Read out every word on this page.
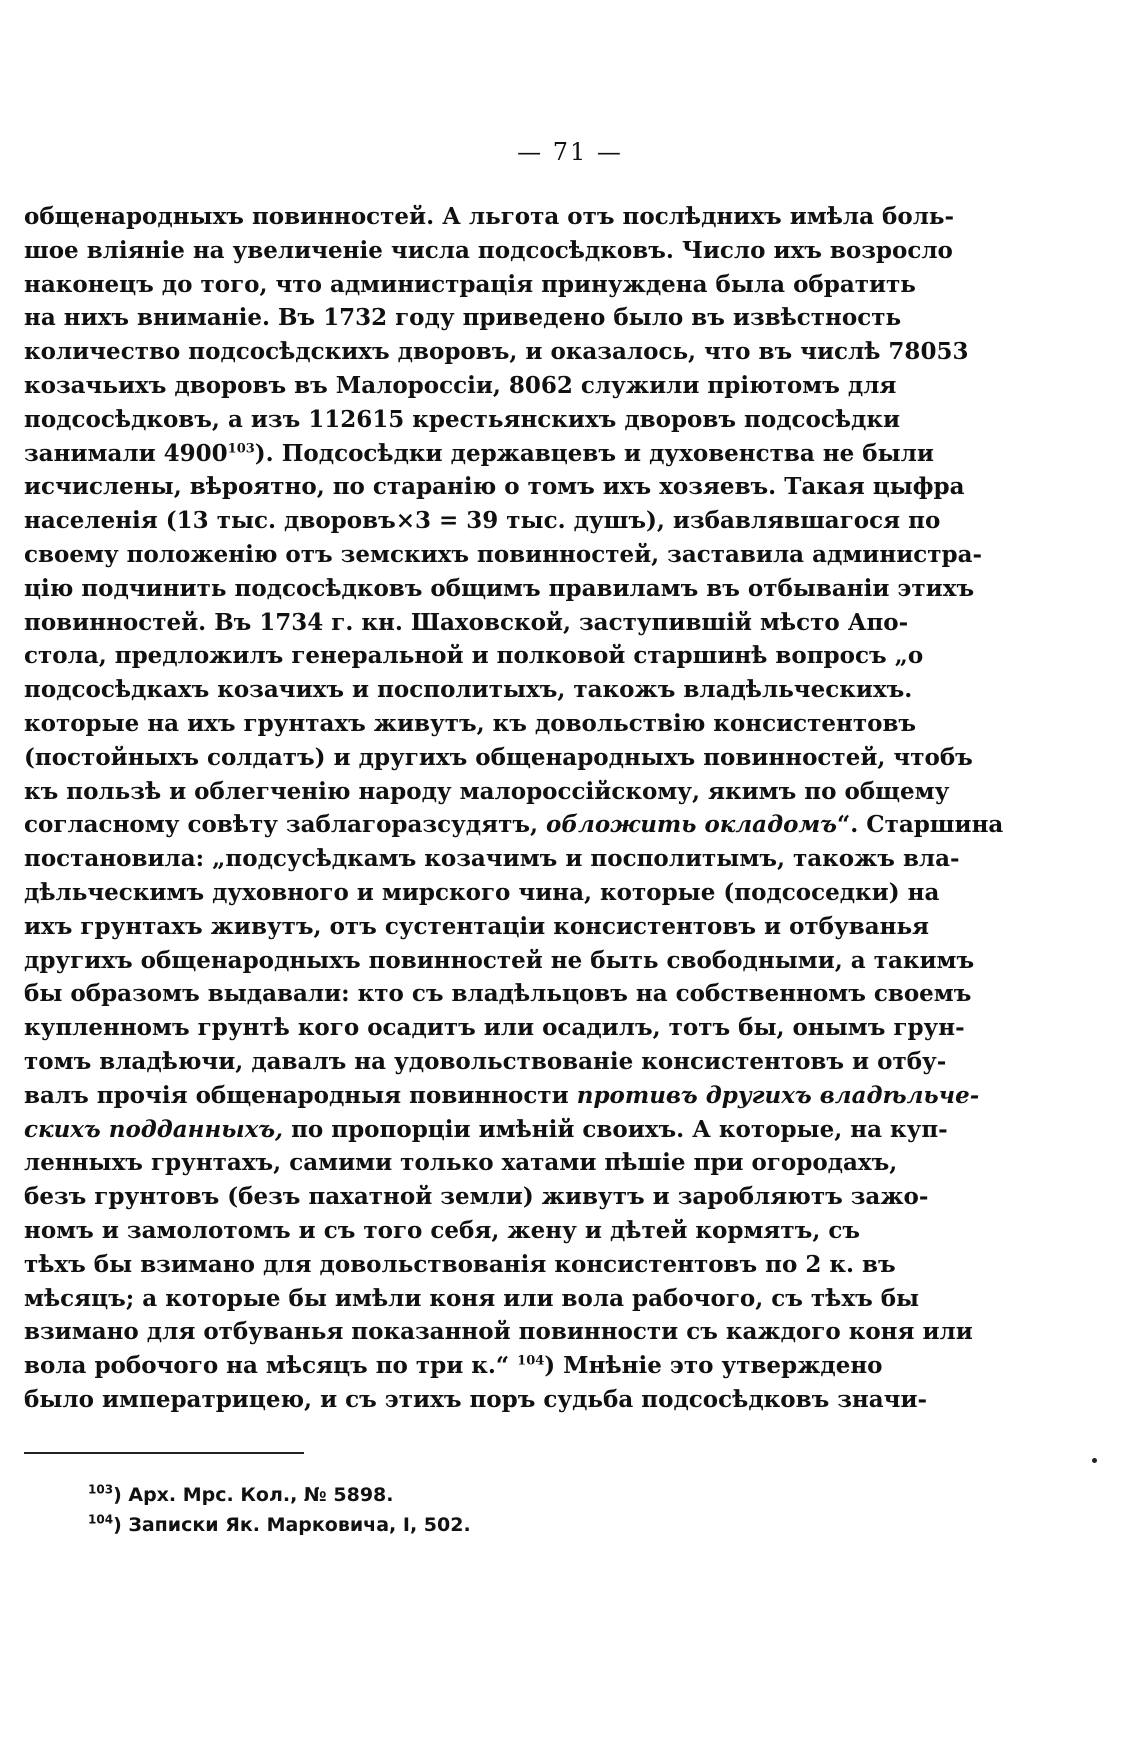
— 71 —
общенародныхъ повинностей. А льгота отъ послѣднихъ имѣла боль-
шое вліяніе на увеличеніе числа подсосѣдковъ. Число ихъ возросло
наконецъ до того, что администрація принуждена была обратить
на нихъ вниманіе. Въ 1732 году приведено было въ извѣстность
количество подсосѣдскихъ дворовъ, и оказалось, что въ числѣ 78053
козачьихъ дворовъ въ Малороссіи, 8062 служили пріютомъ для
подсосѣдковъ, а изъ 112615 крестьянскихъ дворовъ подсосѣдки
занимали 4900$^{103}$). Подсосѣдки державцевъ и духовенства не были
исчислены, вѣроятно, по старанію о томъ ихъ хозяевъ. Такая цыфра
населенія (13 тыс. дворовъ×3 = 39 тыс. душъ), избавлявшагося по
своему положенію отъ земскихъ повинностей, заставила администра-
цію подчинить подсосѣдковъ общимъ правиламъ въ отбываніи этихъ
повинностей. Въ 1734 г. кн. Шаховской, заступившій мѣсто Апо-
стола, предложилъ генеральной и полковой старшинѣ вопросъ „о
подсосѣдкахъ козачихъ и посполитыхъ, такожъ владѣльческихъ.
которые на ихъ грунтахъ живутъ, къ довольствію консистентовъ
(постойныхъ солдатъ) и другихъ общенародныхъ повинностей, чтобъ
къ пользѣ и облегченію народу малороссійскому, якимъ по общему
согласному совѣту заблагоразсудятъ, обложить окладомъ“. Старшина
постановила: „подсусѣдкамъ козачимъ и посполитымъ, такожъ вла-
дѣльческимъ духовного и мирского чина, которые (подсоседки) на
ихъ грунтахъ живутъ, отъ сустентаціи консистентовъ и отбуванья
другихъ общенародныхъ повинностей не быть свободными, а такимъ
бы образомъ выдавали: кто съ владѣльцовъ на собственномъ своемъ
купленномъ грунтѣ кого осадитъ или осадилъ, тотъ бы, онымъ грун-
томъ владѣючи, давалъ на удовольствованіе консистентовъ и отбу-
валъ прочія общенародныя повинности противъ другихъ владѣльче-
скихъ подданныхъ, по пропорціи имѣній своихъ. А которые, на куп-
ленныхъ грунтахъ, самими только хатами пѣшіе при огородахъ,
безъ грунтовъ (безъ пахатной земли) живутъ и заробляютъ зажо-
номъ и замолотомъ и съ того себя, жену и дѣтей кормятъ, съ
тѣхъ бы взимано для довольствованія консистентовъ по 2 к. въ
мѣсяцъ; а которые бы имѣли коня или вола рабочого, съ тѣхъ бы
взимано для отбуванья показанной повинности съ каждого коня или
вола робочого на мѣсяцъ по три к.“ $^{104}$) Мнѣніе это утверждено
было императрицею, и съ этихъ поръ судьба подсосѣдковъ значи-
$^{103}$) Арх. Мрс. Кол., № 5898.
$^{104}$) Записки Як. Марковича, I, 502.
